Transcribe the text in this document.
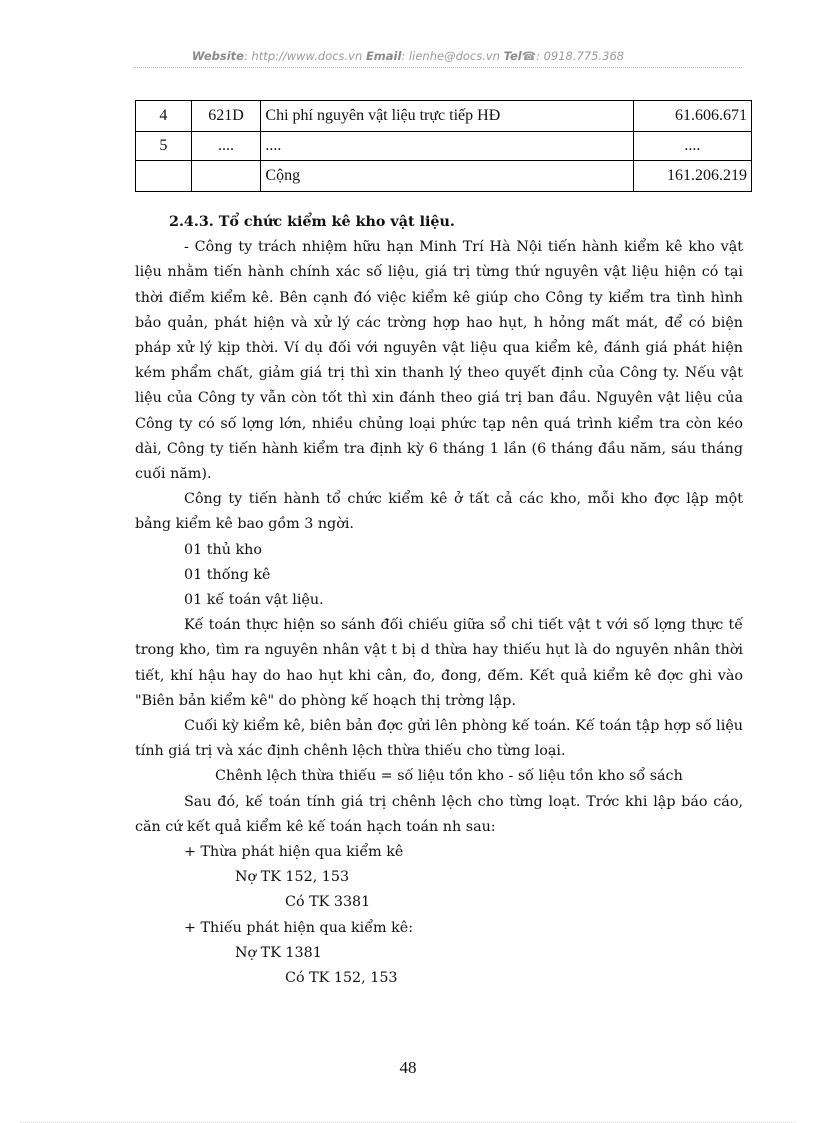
Website: http://www.docs.vn Email: lienhe@docs.vn Tel☎: 0918.775.368
4	621D	Chi phí nguyên vật liệu trực tiếp HĐ	61.606.671
5	....	....	....
		Cộng	161.206.219

2.4.3. Tổ chức kiểm kê kho vật liệu.

- Công ty trách nhiệm hữu hạn Minh Trí Hà Nội tiến hành kiểm kê kho vật liệu nhằm tiến hành chính xác số liệu, giá trị từng thứ nguyên vật liệu hiện có tại thời điểm kiểm kê. Bên cạnh đó việc kiểm kê giúp cho Công ty kiểm tra tình hình bảo quản, phát hiện và xử lý các trờng hợp hao hụt, h hỏng mất mát, để có biện pháp xử lý kịp thời. Ví dụ đối với nguyên vật liệu qua kiểm kê, đánh giá phát hiện kém phẩm chất, giảm giá trị thì xin thanh lý theo quyết định của Công ty. Nếu vật liệu của Công ty vẫn còn tốt thì xin đánh theo giá trị ban đầu. Nguyên vật liệu của Công ty có số lợng lớn, nhiều chủng loại phức tạp nên quá trình kiểm tra còn kéo dài, Công ty tiến hành kiểm tra định kỳ 6 tháng 1 lần (6 tháng đầu năm, sáu tháng cuối năm).

Công ty tiến hành tổ chức kiểm kê ở tất cả các kho, mỗi kho đợc lập một bảng kiểm kê bao gồm 3 ngời.

01 thủ kho

01 thống kê

01 kế toán vật liệu.

Kế toán thực hiện so sánh đối chiếu giữa sổ chi tiết vật t với số lợng thực tế trong kho, tìm ra nguyên nhân vật t bị d thừa hay thiếu hụt là do nguyên nhân thời tiết, khí hậu hay do hao hụt khi cân, đo, đong, đếm. Kết quả kiểm kê đợc ghi vào "Biên bản kiểm kê" do phòng kế hoạch thị trờng lập.

Cuối kỳ kiểm kê, biên bản đợc gửi lên phòng kế toán. Kế toán tập hợp số liệu tính giá trị và xác định chênh lệch thừa thiếu cho từng loại.

Chênh lệch thừa thiếu = số liệu tồn kho - số liệu tồn kho sổ sách

Sau đó, kế toán tính giá trị chênh lệch cho từng loạt. Trớc khi lập báo cáo, căn cứ kết quả kiểm kê kế toán hạch toán nh sau:

+ Thừa phát hiện qua kiểm kê

Nợ TK 152, 153

Có TK 3381

+ Thiếu phát hiện qua kiểm kê:

Nợ TK 1381

Có TK 152, 153

48
